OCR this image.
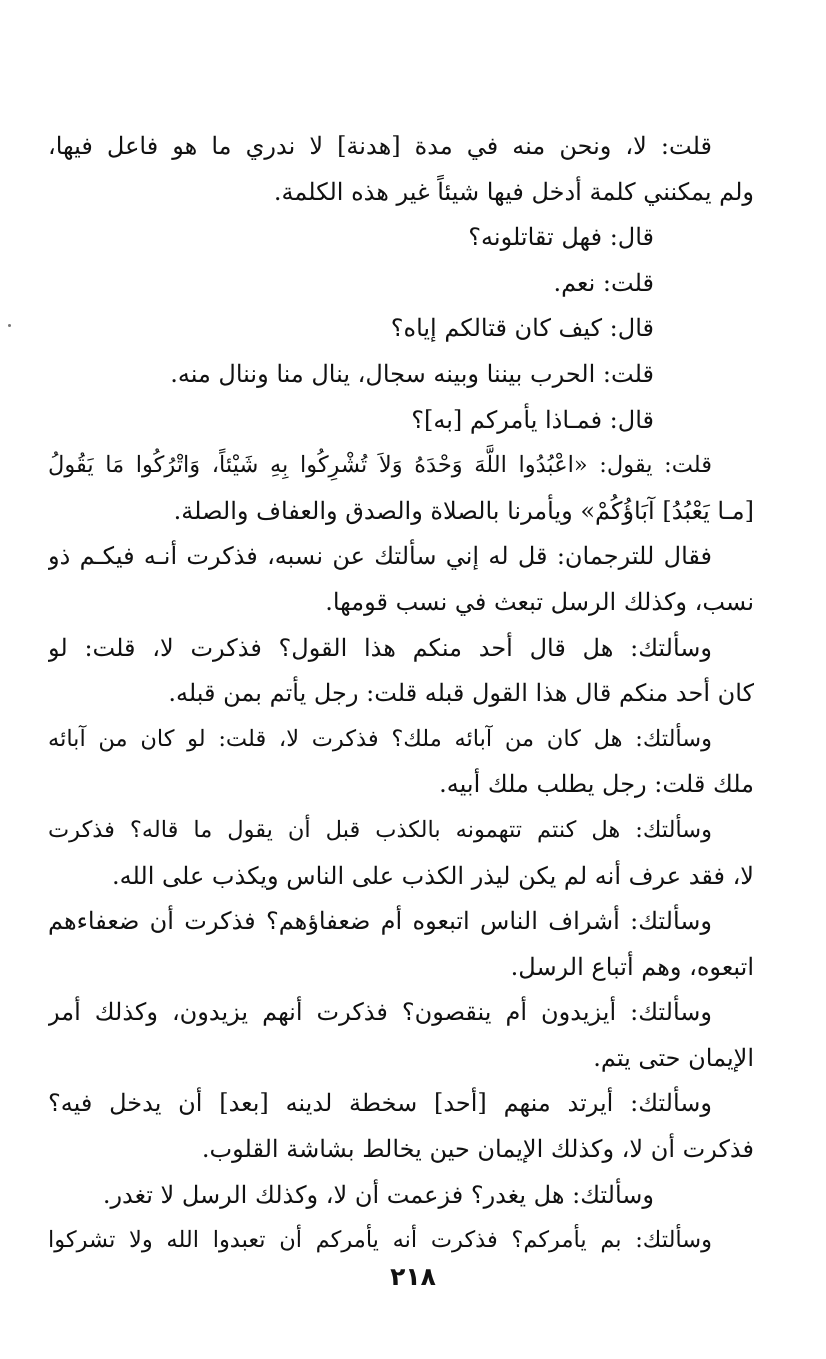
قلت: لا، ونحن منه في مدة [هدنة] لا ندري ما هو فاعل فيها،
ولم يمكنني كلمة أدخل فيها شيئاً غير هذه الكلمة.
قال: فهل تقاتلونه؟
قلت: نعم.
قال: كيف كان قتالكم إياه؟
قلت: الحرب بيننا وبينه سجال، ينال منا وننال منه.
قال: فمـاذا يأمركم [به]؟
قلت: يقول: «اعْبُدُوا اللَّهَ وَحْدَهُ وَلاَ تُشْرِكُوا بِهِ شَيْئاً، وَاتْرُكُوا مَا يَقُولُ
[مـا يَعْبُدُ] آبَاؤُكُمْ» ويأمرنا بالصلاة والصدق والعفاف والصلة.
فقال للترجمان: قل له إني سألتك عن نسبه، فذكرت أنـه فيكـم ذو
نسب، وكذلك الرسل تبعث في نسب قومها.
وسألتك: هل قال أحد منكم هذا القول؟ فذكرت لا، قلت: لو
كان أحد منكم قال هذا القول قبله قلت: رجل يأتم بمن قبله.
وسألتك: هل كان من آبائه ملك؟ فذكرت لا، قلت: لو كان من آبائه
ملك قلت: رجل يطلب ملك أبيه.
وسألتك: هل كنتم تتهمونه بالكذب قبل أن يقول ما قاله؟ فذكرت
لا، فقد عرف أنه لم يكن ليذر الكذب على الناس ويكذب على الله.
وسألتك: أشراف الناس اتبعوه أم ضعفاؤهم؟ فذكرت أن ضعفاءهم
اتبعوه، وهم أتباع الرسل.
وسألتك: أيزيدون أم ينقصون؟ فذكرت أنهم يزيدون، وكذلك أمر
الإيمان حتى يتم.
وسألتك: أيرتد منهم [أحد] سخطة لدينه [بعد] أن يدخل فيه؟
فذكرت أن لا، وكذلك الإيمان حين يخالط بشاشة القلوب.
وسألتك: هل يغدر؟ فزعمت أن لا، وكذلك الرسل لا تغدر.
وسألتك: بم يأمركم؟ فذكرت أنه يأمركم أن تعبدوا الله ولا تشركوا
٢١٨
